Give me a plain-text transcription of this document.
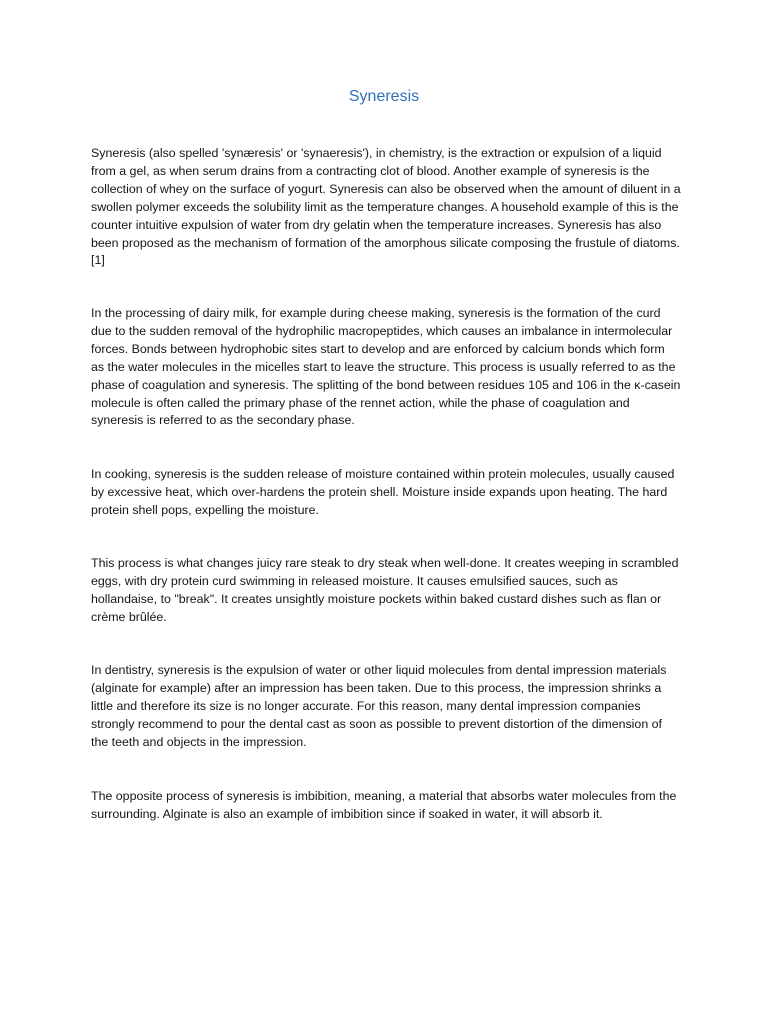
Syneresis

Syneresis (also spelled 'synæresis' or 'synaeresis'), in chemistry, is the extraction or expulsion of a liquid from a gel, as when serum drains from a contracting clot of blood. Another example of syneresis is the collection of whey on the surface of yogurt. Syneresis can also be observed when the amount of diluent in a swollen polymer exceeds the solubility limit as the temperature changes. A household example of this is the counter intuitive expulsion of water from dry gelatin when the temperature increases. Syneresis has also been proposed as the mechanism of formation of the amorphous silicate composing the frustule of diatoms. [1]

In the processing of dairy milk, for example during cheese making, syneresis is the formation of the curd due to the sudden removal of the hydrophilic macropeptides, which causes an imbalance in intermolecular forces. Bonds between hydrophobic sites start to develop and are enforced by calcium bonds which form as the water molecules in the micelles start to leave the structure. This process is usually referred to as the phase of coagulation and syneresis. The splitting of the bond between residues 105 and 106 in the κ-casein molecule is often called the primary phase of the rennet action, while the phase of coagulation and syneresis is referred to as the secondary phase.

In cooking, syneresis is the sudden release of moisture contained within protein molecules, usually caused by excessive heat, which over-hardens the protein shell. Moisture inside expands upon heating. The hard protein shell pops, expelling the moisture.

This process is what changes juicy rare steak to dry steak when well-done. It creates weeping in scrambled eggs, with dry protein curd swimming in released moisture. It causes emulsified sauces, such as hollandaise, to "break". It creates unsightly moisture pockets within baked custard dishes such as flan or crème brûlée.

In dentistry, syneresis is the expulsion of water or other liquid molecules from dental impression materials (alginate for example) after an impression has been taken. Due to this process, the impression shrinks a little and therefore its size is no longer accurate. For this reason, many dental impression companies strongly recommend to pour the dental cast as soon as possible to prevent distortion of the dimension of the teeth and objects in the impression.

The opposite process of syneresis is imbibition, meaning, a material that absorbs water molecules from the surrounding. Alginate is also an example of imbibition since if soaked in water, it will absorb it.
